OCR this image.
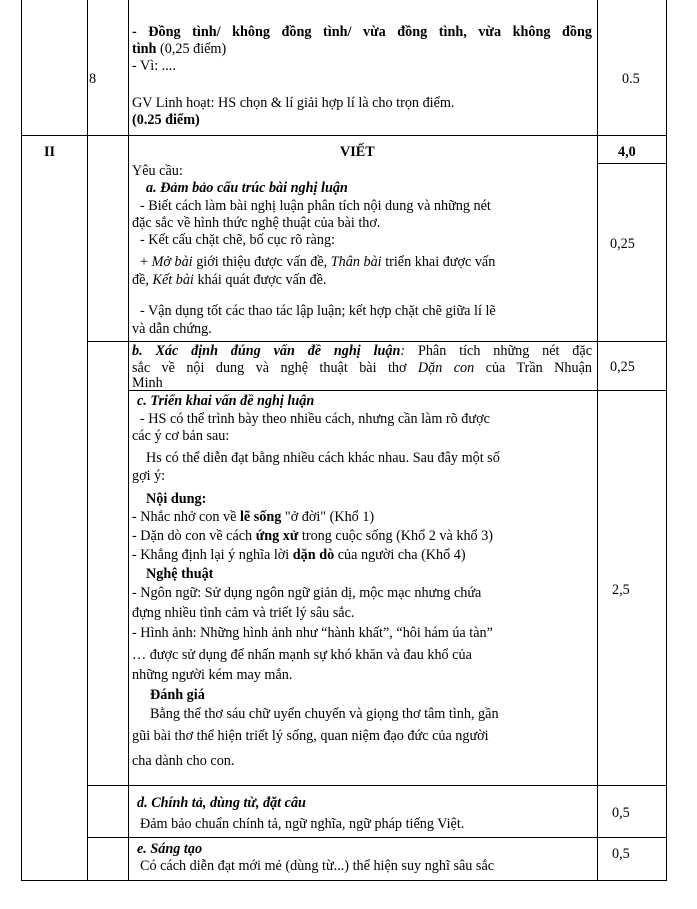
8
- Đồng tình/ không đồng tình/ vừa đồng tình, vừa không đồng
tình (0,25 điểm)
- Vì: ....
GV Linh hoạt: HS chọn & lí giải hợp lí là cho trọn điểm.
(0.25 điểm)
0.5
II	VIẾT	4,0
Yêu cầu:
a. Đảm bảo cấu trúc bài nghị luận
- Biết cách làm bài nghị luận phân tích nội dung và những nét
đặc sắc về hình thức nghệ thuật của bài thơ.
- Kết cấu chặt chẽ, bố cục rõ ràng:
+ Mở bài giới thiệu được vấn đề, Thân bài triển khai được vấn
đề, Kết bài khái quát được vấn đề.
- Vận dụng tốt các thao tác lập luận; kết hợp chặt chẽ giữa lí lẽ
và dẫn chứng.
0,25
b. Xác định đúng vấn đề nghị luận: Phân tích những nét đặc
sắc về nội dung và nghệ thuật bài thơ Dặn con của Trần Nhuận
Minh
0,25
c. Triển khai vấn đề nghị luận
- HS có thể trình bày theo nhiều cách, nhưng cần làm rõ được
các ý cơ bản sau:
Hs có thể diễn đạt bằng nhiều cách khác nhau. Sau đây một số
gợi ý:
Nội dung:
- Nhắc nhở con về lẽ sống "ở đời" (Khổ 1)
- Dặn dò con về cách ứng xử trong cuộc sống (Khổ 2 và khổ 3)
- Khẳng định lại ý nghĩa lời dặn dò của người cha (Khổ 4)
Nghệ thuật
- Ngôn ngữ: Sử dụng ngôn ngữ giản dị, mộc mạc nhưng chứa
đựng nhiều tình cảm và triết lý sâu sắc.
- Hình ảnh: Những hình ảnh như “hành khất”, “hôi hám úa tàn”
… được sử dụng để nhấn mạnh sự khó khăn và đau khổ của
những người kém may mắn.
Đánh giá
Bằng thể thơ sáu chữ uyển chuyển và giọng thơ tâm tình, gần
gũi bài thơ thể hiện triết lý sống, quan niệm đạo đức của người
cha dành cho con.
2,5
d. Chính tả, dùng từ, đặt câu
Đảm bảo chuẩn chính tả, ngữ nghĩa, ngữ pháp tiếng Việt.
0,5
e. Sáng tạo
Có cách diễn đạt mới mẻ (dùng từ...) thể hiện suy nghĩ sâu sắc
0,5
